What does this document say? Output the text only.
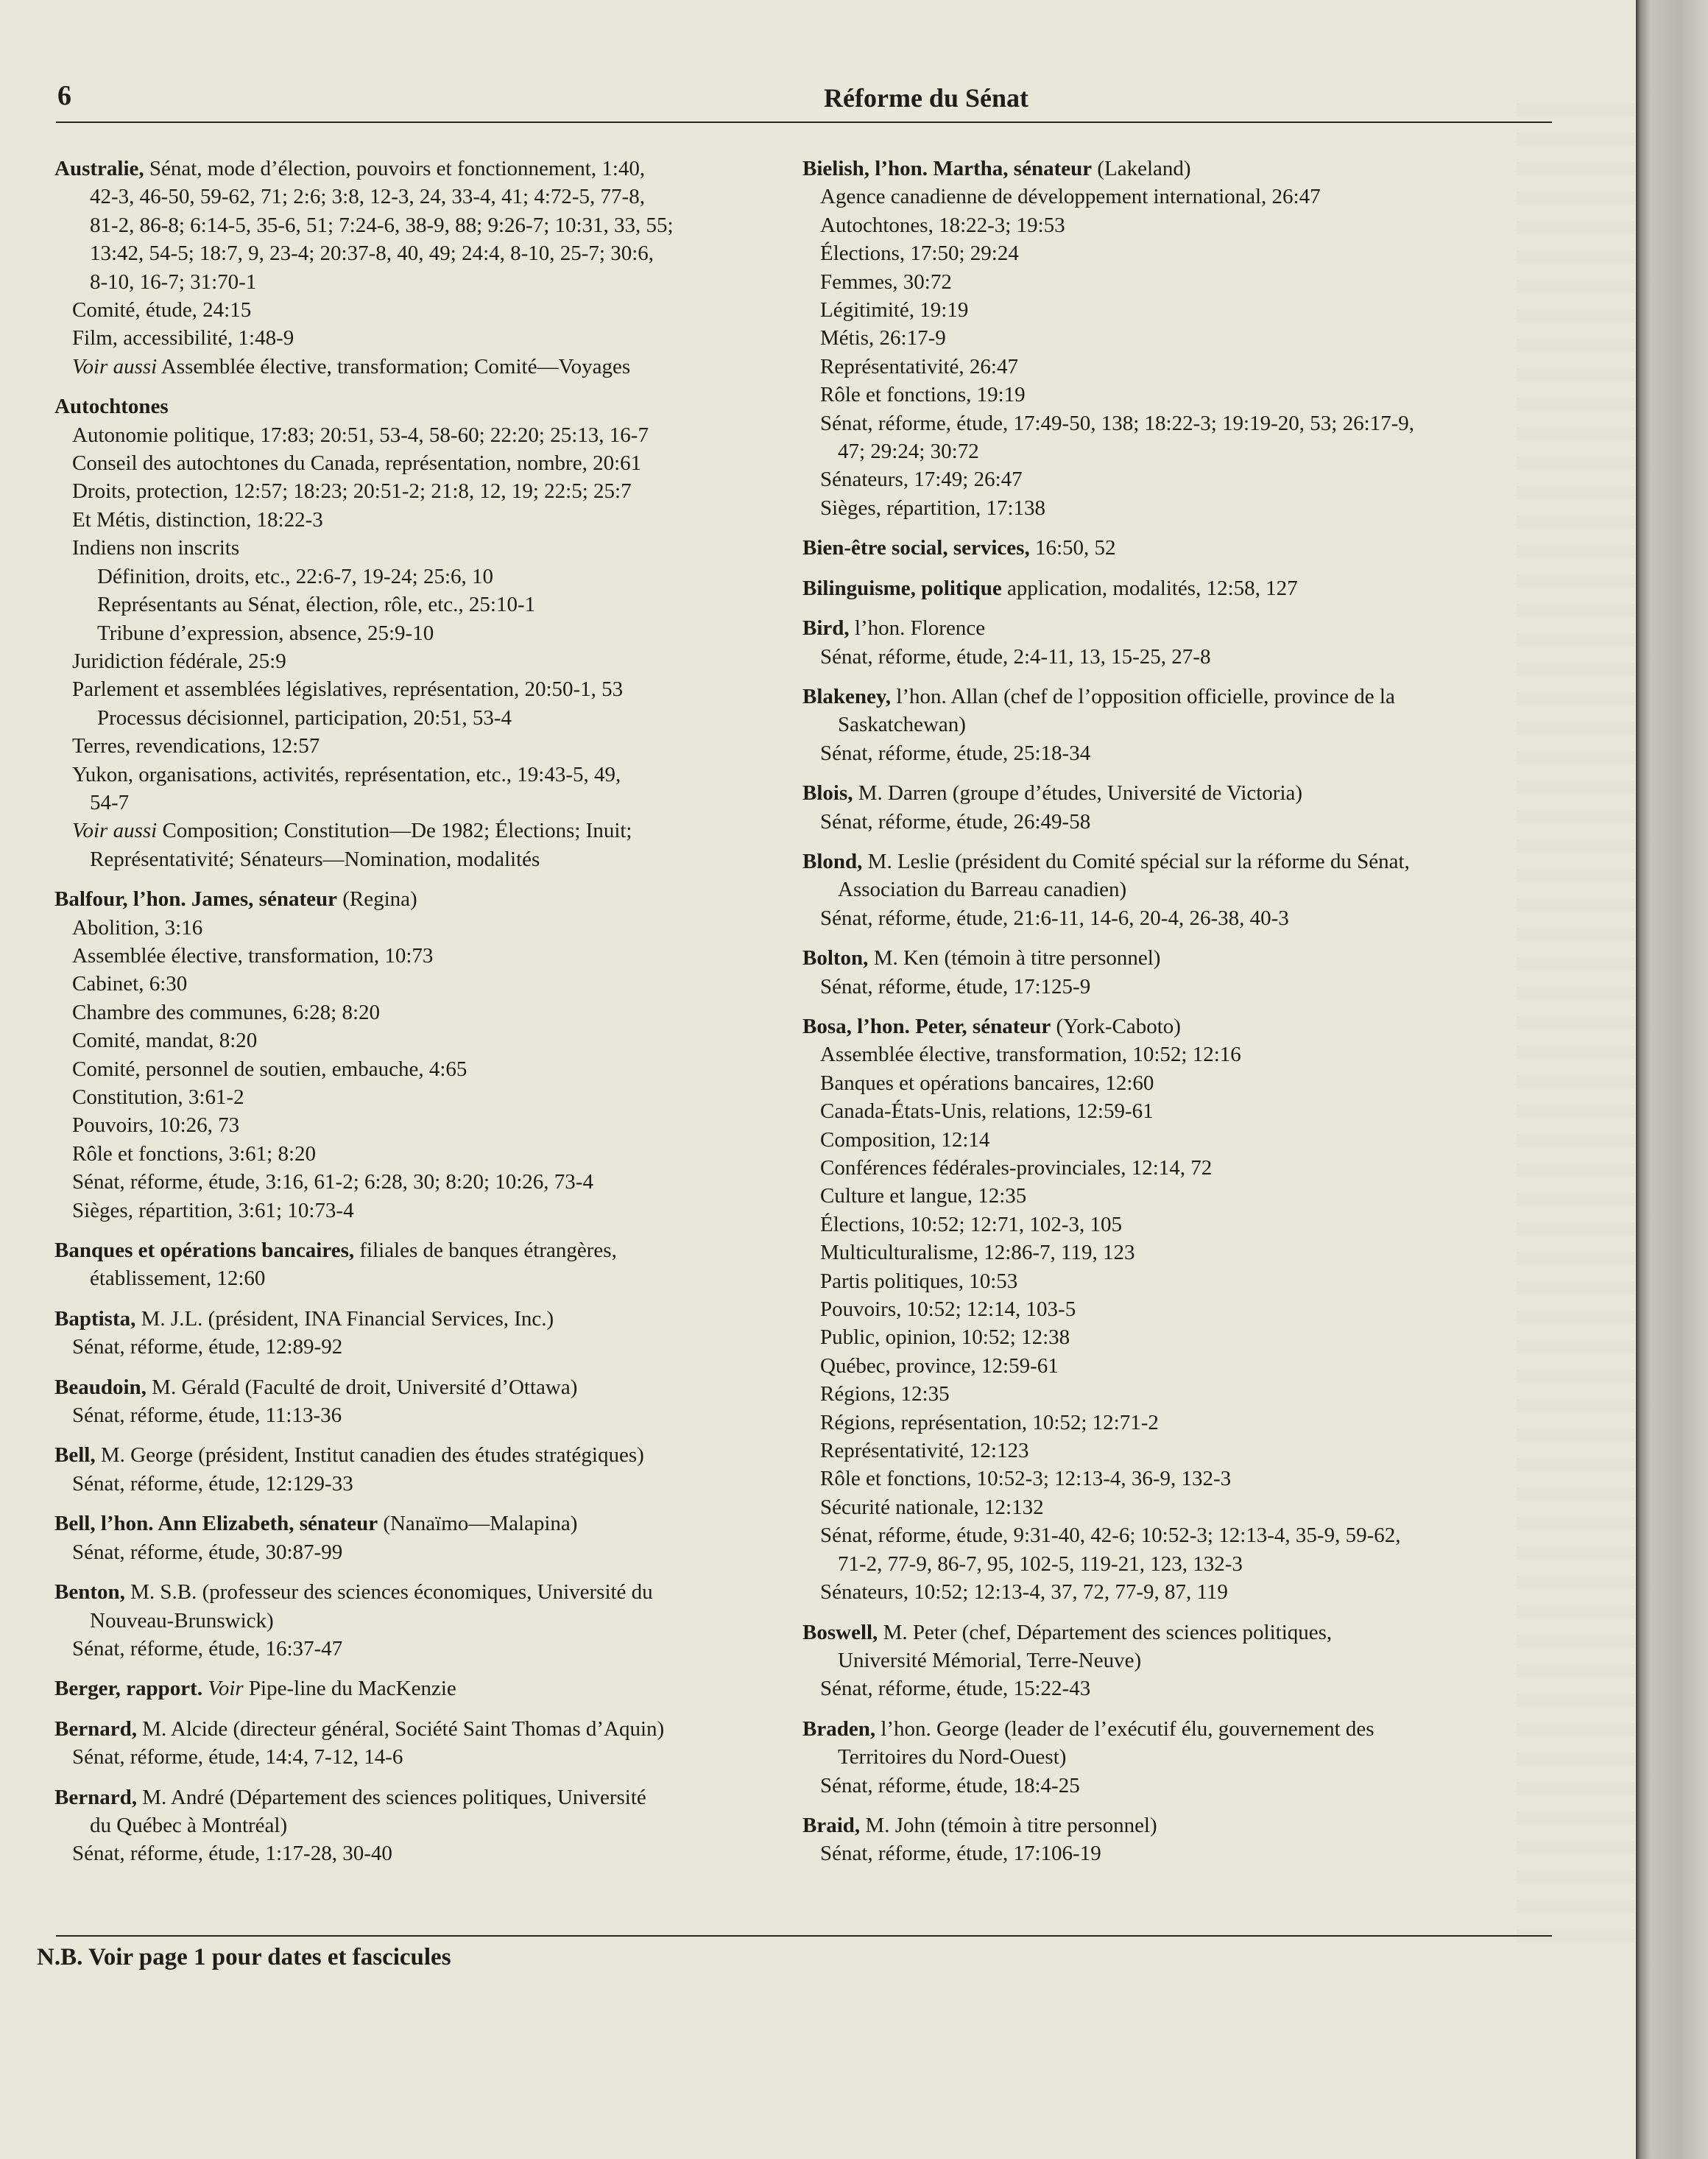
6	Réforme du Sénat
Australie, Sénat, mode d’élection, pouvoirs et fonctionnement, 1:40,
42-3, 46-50, 59-62, 71; 2:6; 3:8, 12-3, 24, 33-4, 41; 4:72-5, 77-8,
81-2, 86-8; 6:14-5, 35-6, 51; 7:24-6, 38-9, 88; 9:26-7; 10:31, 33, 55;
13:42, 54-5; 18:7, 9, 23-4; 20:37-8, 40, 49; 24:4, 8-10, 25-7; 30:6,
8-10, 16-7; 31:70-1
Comité, étude, 24:15
Film, accessibilité, 1:48-9
Voir aussi Assemblée élective, transformation; Comité—Voyages
Autochtones
Autonomie politique, 17:83; 20:51, 53-4, 58-60; 22:20; 25:13, 16-7
Conseil des autochtones du Canada, représentation, nombre, 20:61
Droits, protection, 12:57; 18:23; 20:51-2; 21:8, 12, 19; 22:5; 25:7
Et Métis, distinction, 18:22-3
Indiens non inscrits
Définition, droits, etc., 22:6-7, 19-24; 25:6, 10
Représentants au Sénat, élection, rôle, etc., 25:10-1
Tribune d’expression, absence, 25:9-10
Juridiction fédérale, 25:9
Parlement et assemblées législatives, représentation, 20:50-1, 53
Processus décisionnel, participation, 20:51, 53-4
Terres, revendications, 12:57
Yukon, organisations, activités, représentation, etc., 19:43-5, 49,
54-7
Voir aussi Composition; Constitution—De 1982; Élections; Inuit;
Représentativité; Sénateurs—Nomination, modalités
Balfour, l’hon. James, sénateur (Regina)
Abolition, 3:16
Assemblée élective, transformation, 10:73
Cabinet, 6:30
Chambre des communes, 6:28; 8:20
Comité, mandat, 8:20
Comité, personnel de soutien, embauche, 4:65
Constitution, 3:61-2
Pouvoirs, 10:26, 73
Rôle et fonctions, 3:61; 8:20
Sénat, réforme, étude, 3:16, 61-2; 6:28, 30; 8:20; 10:26, 73-4
Sièges, répartition, 3:61; 10:73-4
Banques et opérations bancaires, filiales de banques étrangères,
établissement, 12:60
Baptista, M. J.L. (président, INA Financial Services, Inc.)
Sénat, réforme, étude, 12:89-92
Beaudoin, M. Gérald (Faculté de droit, Université d’Ottawa)
Sénat, réforme, étude, 11:13-36
Bell, M. George (président, Institut canadien des études stratégiques)
Sénat, réforme, étude, 12:129-33
Bell, l’hon. Ann Elizabeth, sénateur (Nanaïmo—Malapina)
Sénat, réforme, étude, 30:87-99
Benton, M. S.B. (professeur des sciences économiques, Université du
Nouveau-Brunswick)
Sénat, réforme, étude, 16:37-47
Berger, rapport. Voir Pipe-line du MacKenzie
Bernard, M. Alcide (directeur général, Société Saint Thomas d’Aquin)
Sénat, réforme, étude, 14:4, 7-12, 14-6
Bernard, M. André (Département des sciences politiques, Université
du Québec à Montréal)
Sénat, réforme, étude, 1:17-28, 30-40
Bielish, l’hon. Martha, sénateur (Lakeland)
Agence canadienne de développement international, 26:47
Autochtones, 18:22-3; 19:53
Élections, 17:50; 29:24
Femmes, 30:72
Légitimité, 19:19
Métis, 26:17-9
Représentativité, 26:47
Rôle et fonctions, 19:19
Sénat, réforme, étude, 17:49-50, 138; 18:22-3; 19:19-20, 53; 26:17-9,
47; 29:24; 30:72
Sénateurs, 17:49; 26:47
Sièges, répartition, 17:138
Bien-être social, services, 16:50, 52
Bilinguisme, politique application, modalités, 12:58, 127
Bird, l’hon. Florence
Sénat, réforme, étude, 2:4-11, 13, 15-25, 27-8
Blakeney, l’hon. Allan (chef de l’opposition officielle, province de la
Saskatchewan)
Sénat, réforme, étude, 25:18-34
Blois, M. Darren (groupe d’études, Université de Victoria)
Sénat, réforme, étude, 26:49-58
Blond, M. Leslie (président du Comité spécial sur la réforme du Sénat,
Association du Barreau canadien)
Sénat, réforme, étude, 21:6-11, 14-6, 20-4, 26-38, 40-3
Bolton, M. Ken (témoin à titre personnel)
Sénat, réforme, étude, 17:125-9
Bosa, l’hon. Peter, sénateur (York-Caboto)
Assemblée élective, transformation, 10:52; 12:16
Banques et opérations bancaires, 12:60
Canada-États-Unis, relations, 12:59-61
Composition, 12:14
Conférences fédérales-provinciales, 12:14, 72
Culture et langue, 12:35
Élections, 10:52; 12:71, 102-3, 105
Multiculturalisme, 12:86-7, 119, 123
Partis politiques, 10:53
Pouvoirs, 10:52; 12:14, 103-5
Public, opinion, 10:52; 12:38
Québec, province, 12:59-61
Régions, 12:35
Régions, représentation, 10:52; 12:71-2
Représentativité, 12:123
Rôle et fonctions, 10:52-3; 12:13-4, 36-9, 132-3
Sécurité nationale, 12:132
Sénat, réforme, étude, 9:31-40, 42-6; 10:52-3; 12:13-4, 35-9, 59-62,
71-2, 77-9, 86-7, 95, 102-5, 119-21, 123, 132-3
Sénateurs, 10:52; 12:13-4, 37, 72, 77-9, 87, 119
Boswell, M. Peter (chef, Département des sciences politiques,
Université Mémorial, Terre-Neuve)
Sénat, réforme, étude, 15:22-43
Braden, l’hon. George (leader de l’exécutif élu, gouvernement des
Territoires du Nord-Ouest)
Sénat, réforme, étude, 18:4-25
Braid, M. John (témoin à titre personnel)
Sénat, réforme, étude, 17:106-19
N.B. Voir page 1 pour dates et fascicules
